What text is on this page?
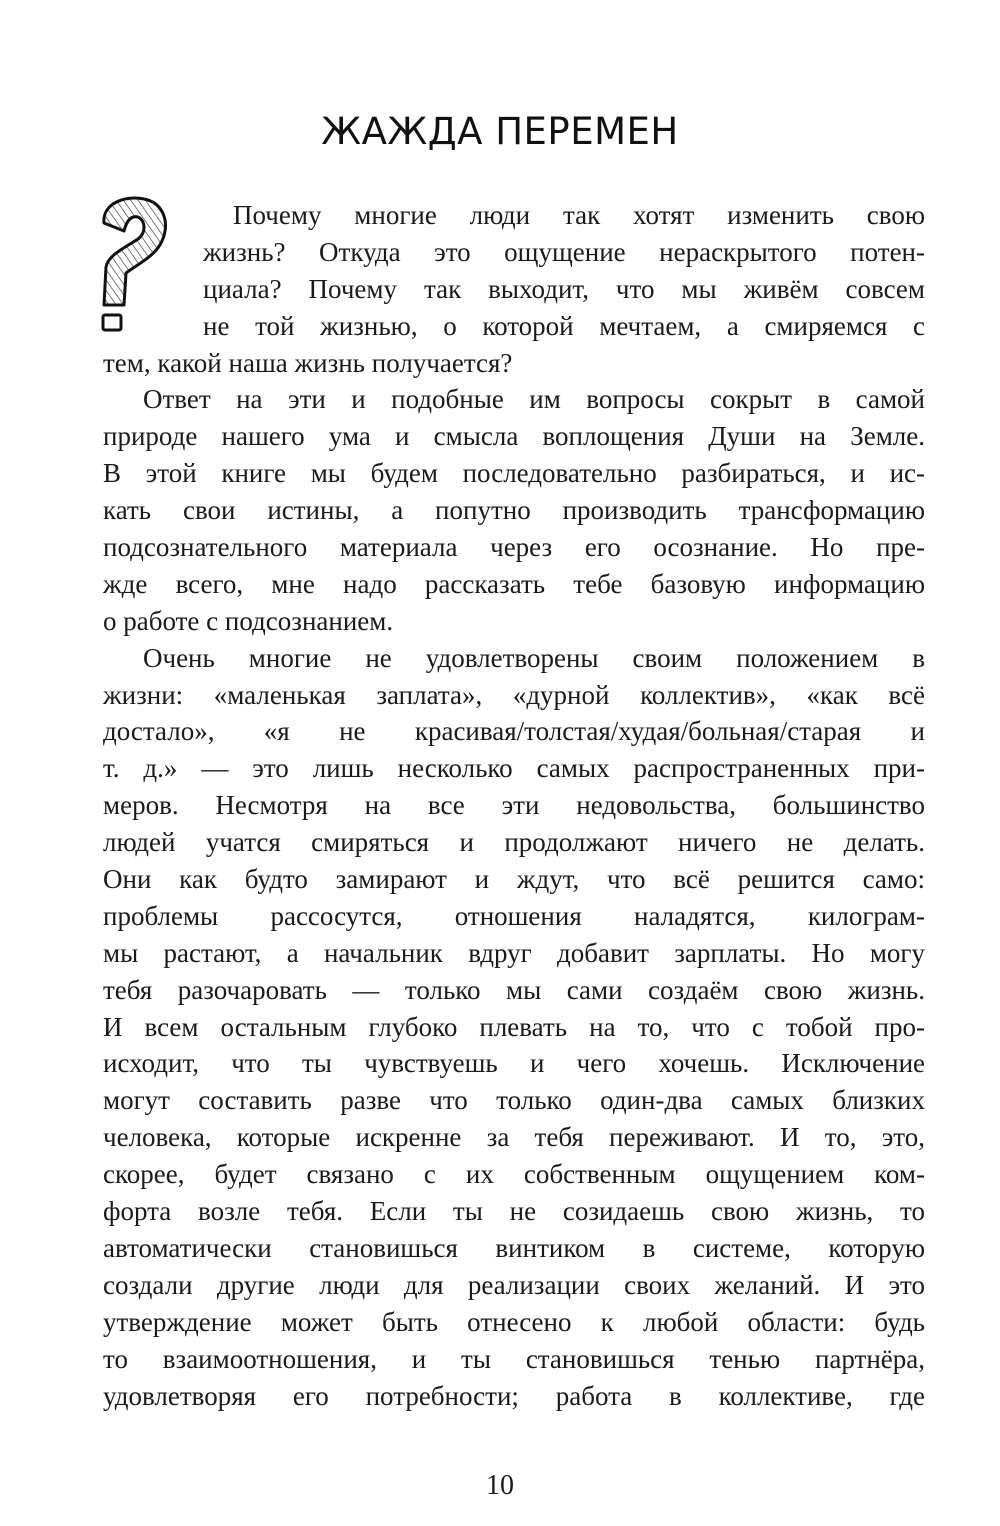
ЖАЖДА ПЕРЕМЕН
Почему многие люди так хотят изменить свою
жизнь? Откуда это ощущение нераскрытого потен-
циала? Почему так выходит, что мы живём совсем
не той жизнью, о которой мечтаем, а смиряемся с
тем, какой наша жизнь получается?
Ответ на эти и подобные им вопросы сокрыт в самой
природе нашего ума и смысла воплощения Души на Земле.
В этой книге мы будем последовательно разбираться, и ис-
кать свои истины, а попутно производить трансформацию
подсознательного материала через его осознание. Но пре-
жде всего, мне надо рассказать тебе базовую информацию
о работе с подсознанием.
Очень многие не удовлетворены своим положением в
жизни: «маленькая заплата», «дурной коллектив», «как всё
достало», «я не красивая/толстая/худая/больная/старая и
т. д.» — это лишь несколько самых распространенных при-
меров. Несмотря на все эти недовольства, большинство
людей учатся смиряться и продолжают ничего не делать.
Они как будто замирают и ждут, что всё решится само:
проблемы рассосутся, отношения наладятся, килограм-
мы растают, а начальник вдруг добавит зарплаты. Но могу
тебя разочаровать — только мы сами создаём свою жизнь.
И всем остальным глубоко плевать на то, что с тобой про-
исходит, что ты чувствуешь и чего хочешь. Исключение
могут составить разве что только один-два самых близких
человека, которые искренне за тебя переживают. И то, это,
скорее, будет связано с их собственным ощущением ком-
форта возле тебя. Если ты не созидаешь свою жизнь, то
автоматически становишься винтиком в системе, которую
создали другие люди для реализации своих желаний. И это
утверждение может быть отнесено к любой области: будь
то взаимоотношения, и ты становишься тенью партнёра,
удовлетворяя его потребности; работа в коллективе, где
10
